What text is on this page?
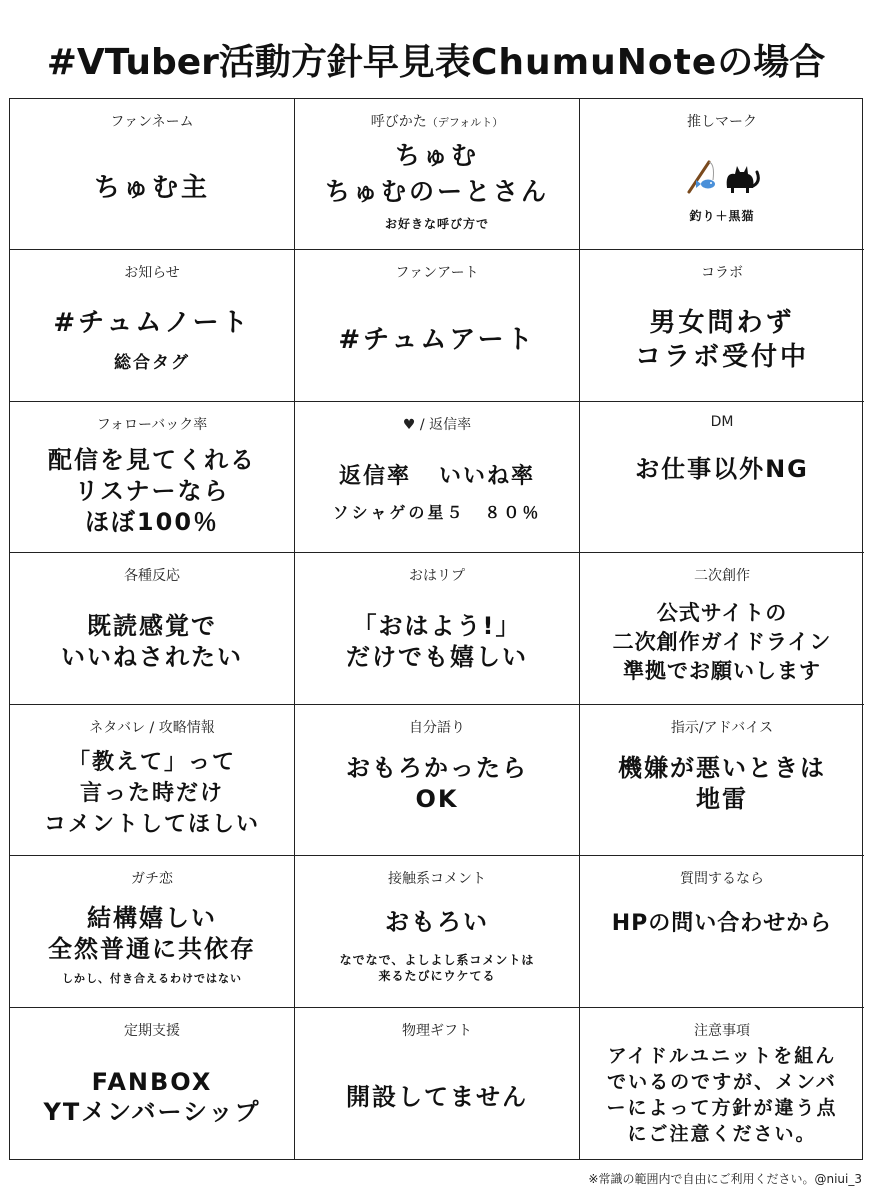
#VTuber活動方針早見表ChumuNoteの場合
ファンネーム
ちゅむ主
呼びかた（デフォルト）
ちゅむ
ちゅむのーとさん
お好きな呼び方で
推しマーク
釣り＋黒猫
お知らせ
#チュムノート
総合タグ
ファンアート
#チュムアート
コラボ
男女問わず
コラボ受付中
フォローバック率
配信を見てくれる
リスナーなら
ほぼ100％
♥ / 返信率
返信率 いいね率
ソシャゲの星５　８０％
DM
お仕事以外NG
各種反応
既読感覚で
いいねされたい
おはリプ
「おはよう!」
だけでも嬉しい
二次創作
公式サイトの
二次創作ガイドライン
準拠でお願いします
ネタバレ / 攻略情報
「教えて」って
言った時だけ
コメントしてほしい
自分語り
おもろかったら
OK
指示/アドバイス
機嫌が悪いときは
地雷
ガチ恋
結構嬉しい
全然普通に共依存
しかし、付き合えるわけではない
接触系コメント
おもろい
なでなで、よしよし系コメントは
来るたびにウケてる
質問するなら
HPの問い合わせから
定期支援
FANBOX
YTメンバーシップ
物理ギフト
開設してません
注意事項
アイドルユニットを組ん
でいるのですが、メンバ
ーによって方針が違う点
にご注意ください。
※常識の範囲内で自由にご利用ください。@niui_3
